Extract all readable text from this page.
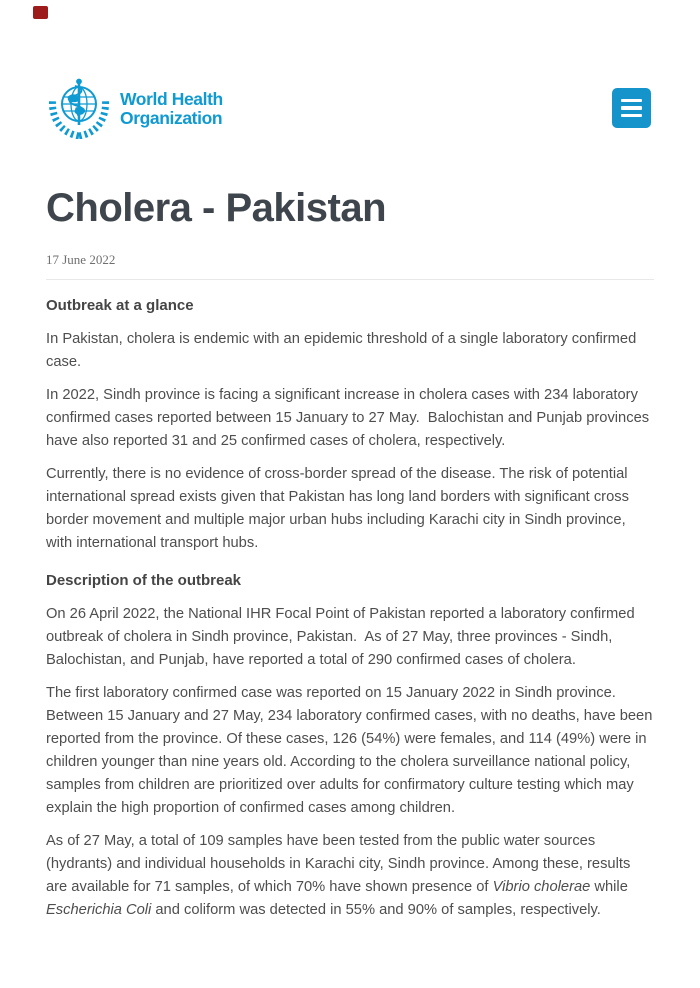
World Health
Organization
Cholera - Pakistan
17 June 2022
Outbreak at a glance

In Pakistan, cholera is endemic with an epidemic threshold of a single laboratory confirmed case.

In 2022, Sindh province is facing a significant increase in cholera cases with 234 laboratory confirmed cases reported between 15 January to 27 May.  Balochistan and Punjab provinces have also reported 31 and 25 confirmed cases of cholera, respectively.

Currently, there is no evidence of cross-border spread of the disease. The risk of potential international spread exists given that Pakistan has long land borders with significant cross border movement and multiple major urban hubs including Karachi city in Sindh province, with international transport hubs.

Description of the outbreak

On 26 April 2022, the National IHR Focal Point of Pakistan reported a laboratory confirmed outbreak of cholera in Sindh province, Pakistan.  As of 27 May, three provinces - Sindh, Balochistan, and Punjab, have reported a total of 290 confirmed cases of cholera.

The first laboratory confirmed case was reported on 15 January 2022 in Sindh province.  Between 15 January and 27 May, 234 laboratory confirmed cases, with no deaths, have been reported from the province. Of these cases, 126 (54%) were females, and 114 (49%) were in children younger than nine years old. According to the cholera surveillance national policy, samples from children are prioritized over adults for confirmatory culture testing which may explain the high proportion of confirmed cases among children.

As of 27 May, a total of 109 samples have been tested from the public water sources (hydrants) and individual households in Karachi city, Sindh province. Among these, results are available for 71 samples, of which 70% have shown presence of Vibrio cholerae while Escherichia Coli and coliform was detected in 55% and 90% of samples, respectively.
